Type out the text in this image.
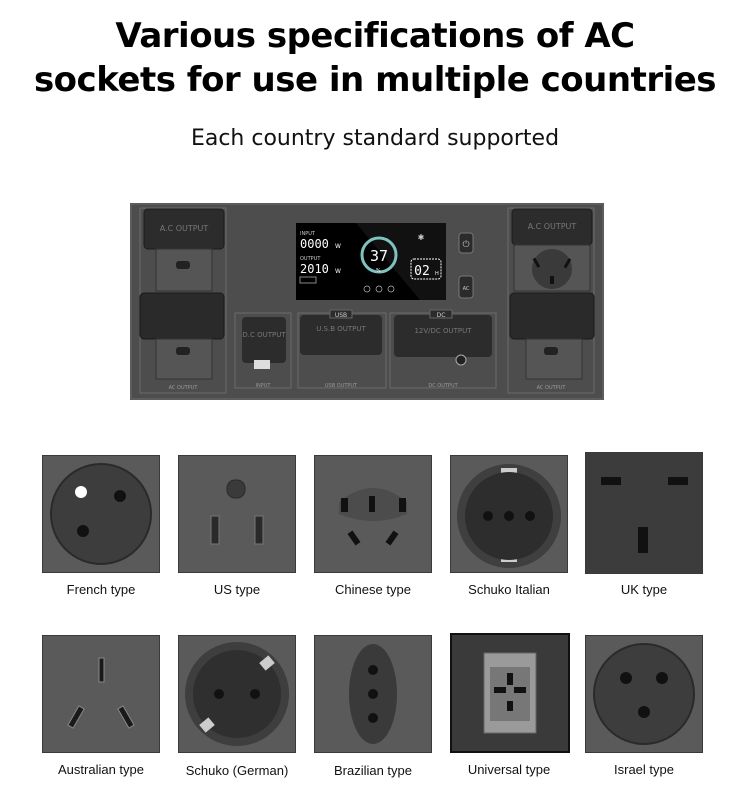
Various specifications of AC
sockets for use in multiple countries
Each country standard supported
A.C OUTPUT
AC OUTPUT
D.C OUTPUT
INPUT
U.S.B OUTPUT
USB
USB OUTPUT
12V/DC OUTPUT
DC
DC OUTPUT
INPUT
0000 W
OUTPUT
2010 W
37
%	02 H
✱
⏻
AC
A.C OUTPUT
AC OUTPUT
French type	US type	Chinese type	Schuko Italian	UK type
Australian type	Schuko (German)	Brazilian type	Universal type	Israel type
